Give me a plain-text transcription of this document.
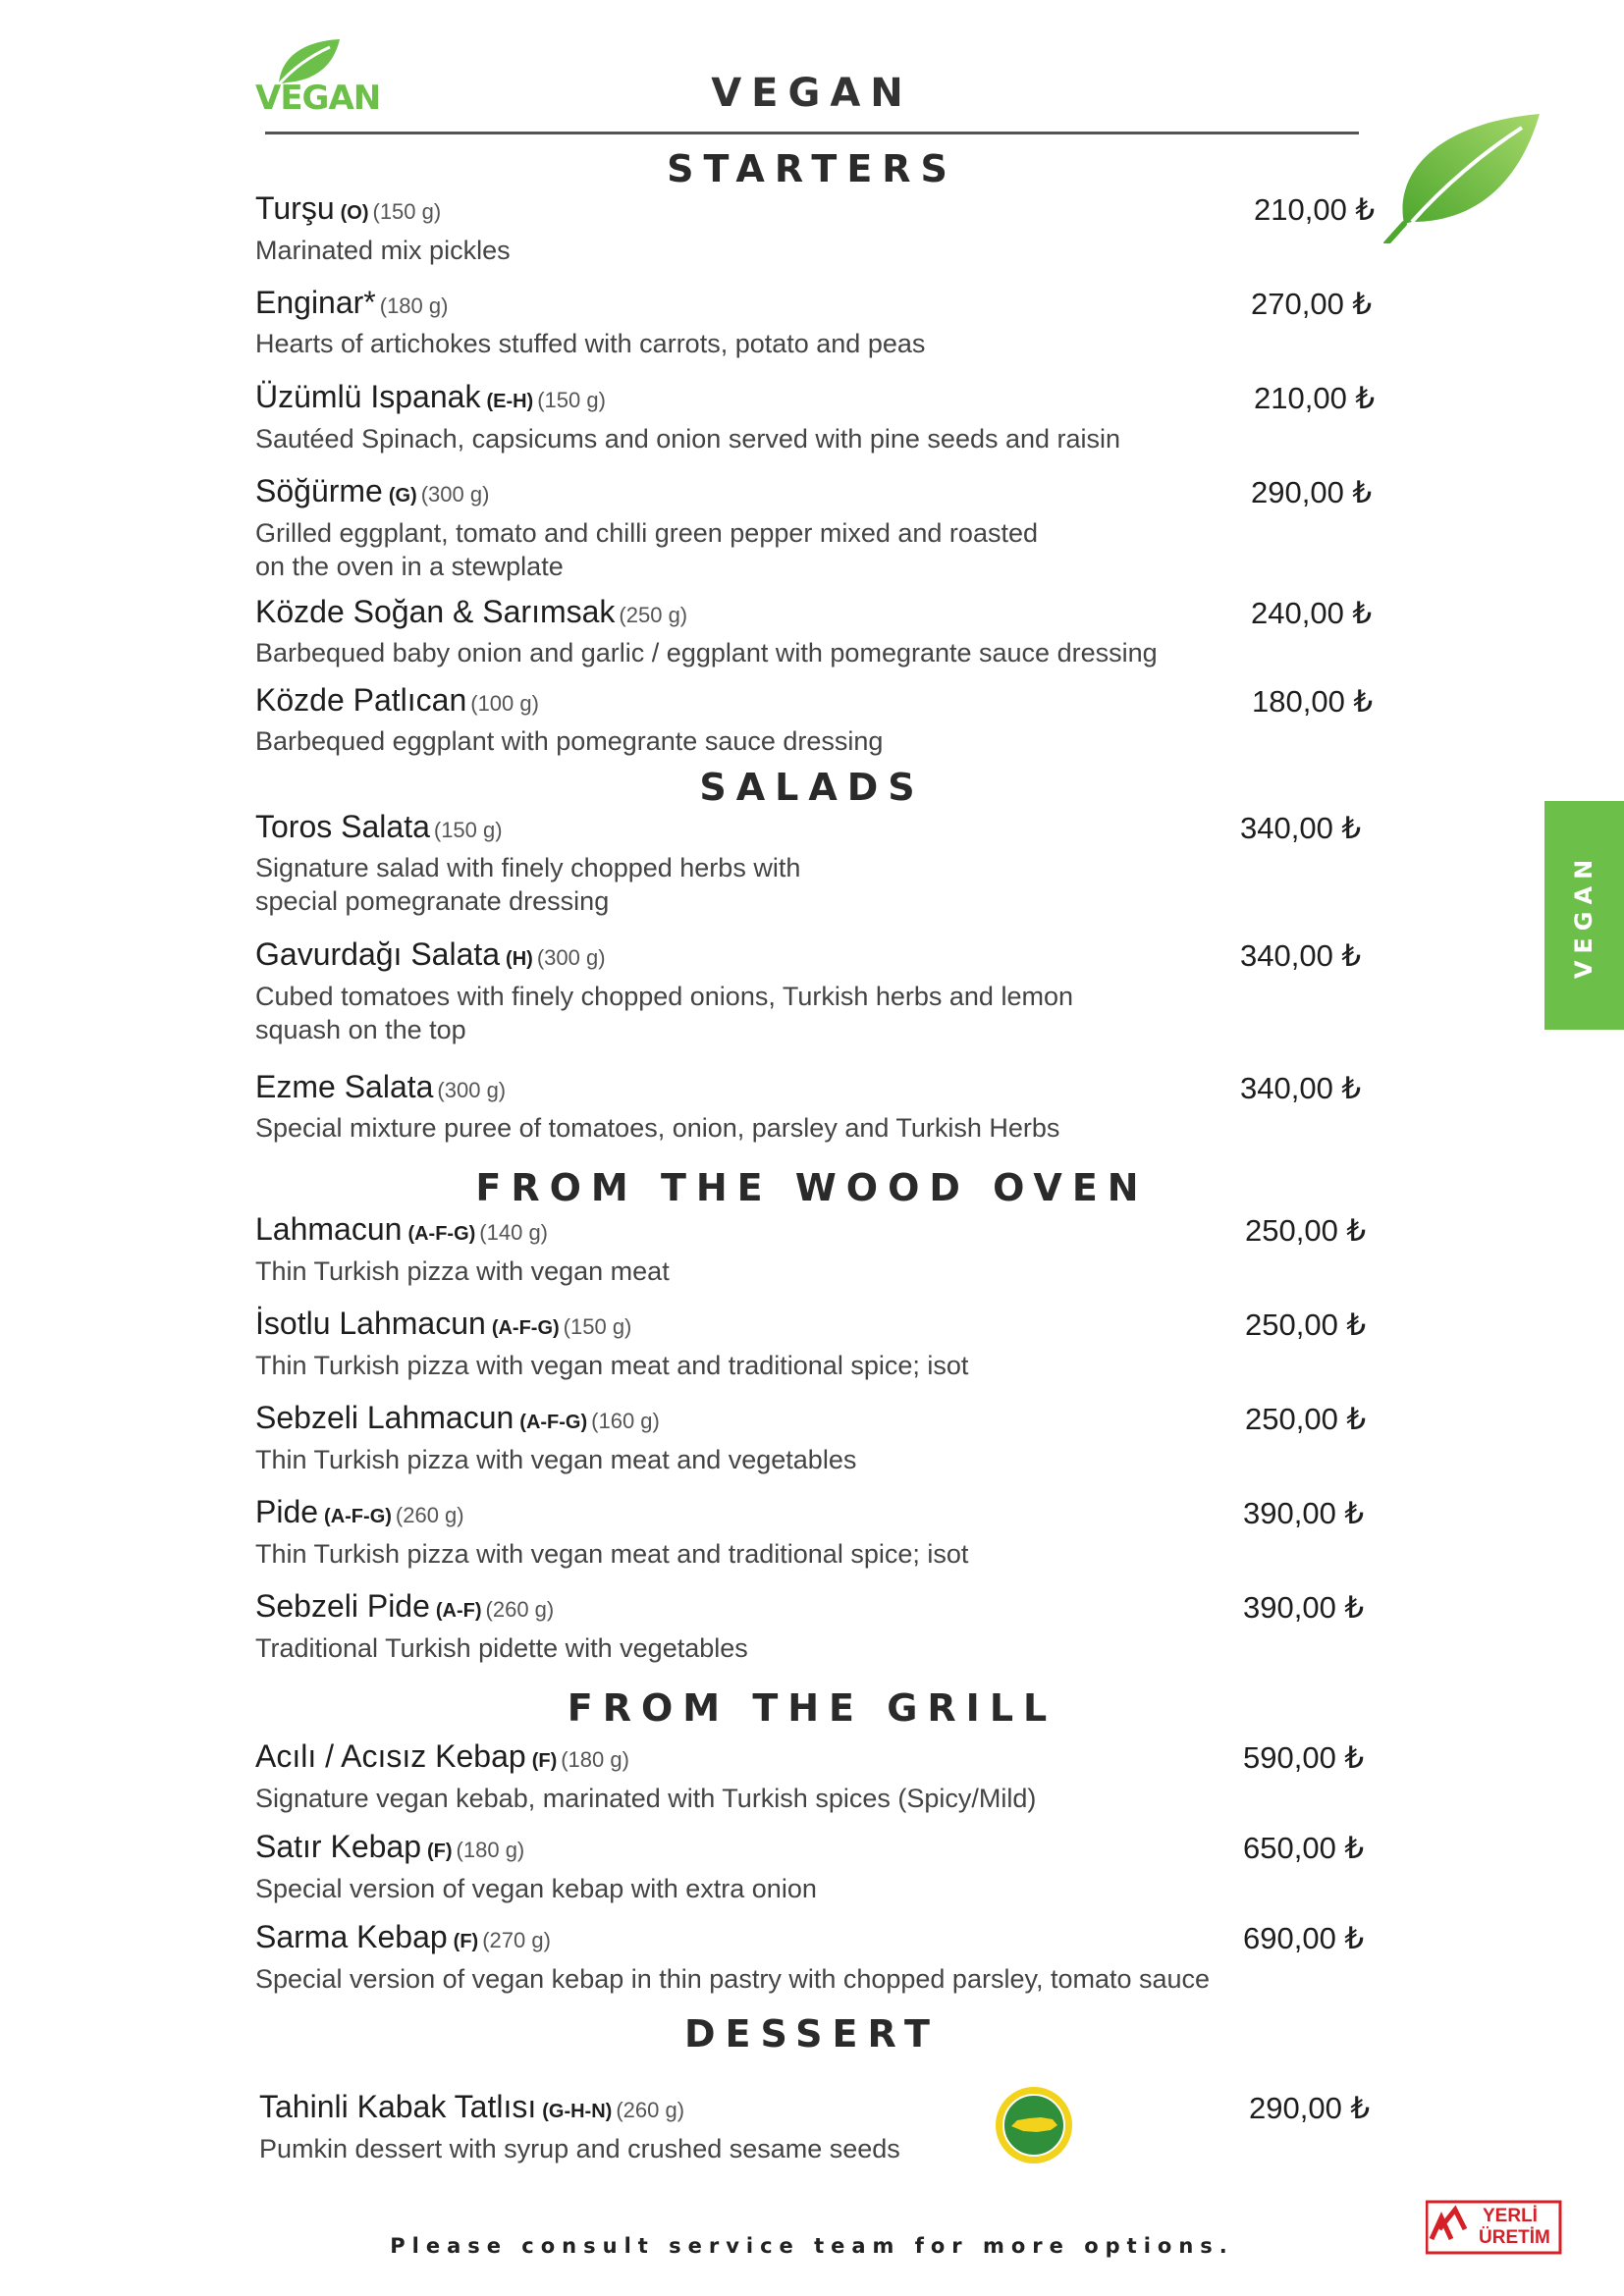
VEGAN	VEGAN
VEGAN
STARTERS
Turşu (O) (150 g)
Marinated mix pickles
210,00 ₺
Enginar* (180 g)
Hearts of artichokes stuffed with carrots, potato and peas
270,00 ₺
Üzümlü Ispanak (E-H) (150 g)
Sautéed Spinach, capsicums and onion served with pine seeds and raisin
210,00 ₺
Söğürme (G) (300 g)
Grilled eggplant, tomato and chilli green pepper mixed and roasted
on the oven in a stewplate
290,00 ₺
Közde Soğan & Sarımsak (250 g)
Barbequed baby onion and garlic / eggplant with pomegrante sauce dressing
240,00 ₺
Közde Patlıcan (100 g)
Barbequed eggplant with pomegrante sauce dressing
180,00 ₺
SALADS
Toros Salata (150 g)
Signature salad with finely chopped herbs with
special pomegranate dressing
340,00 ₺
Gavurdağı Salata (H) (300 g)
Cubed tomatoes with finely chopped onions, Turkish herbs and lemon
squash on the top
340,00 ₺
Ezme Salata (300 g)
Special mixture puree of tomatoes, onion, parsley and Turkish Herbs
340,00 ₺
FROM THE WOOD OVEN
Lahmacun (A-F-G) (140 g)
Thin Turkish pizza with vegan meat
250,00 ₺
İsotlu Lahmacun (A-F-G) (150 g)
Thin Turkish pizza with vegan meat and traditional spice; isot
250,00 ₺
Sebzeli Lahmacun (A-F-G) (160 g)
Thin Turkish pizza with vegan meat and vegetables
250,00 ₺
Pide (A-F-G) (260 g)
Thin Turkish pizza with vegan meat and traditional spice; isot
390,00 ₺
Sebzeli Pide (A-F) (260 g)
Traditional Turkish pidette with vegetables
390,00 ₺
FROM THE GRILL
Acılı / Acısız Kebap (F) (180 g)
Signature vegan kebab, marinated with Turkish spices (Spicy/Mild)
590,00 ₺
Satır Kebap (F) (180 g)
Special version of vegan kebap with extra onion
650,00 ₺
Sarma Kebap (F) (270 g)
Special version of vegan kebap in thin pastry with chopped parsley, tomato sauce
690,00 ₺
DESSERT
Tahinli Kabak Tatlısı (G-H-N) (260 g)
Pumkin dessert with syrup and crushed sesame seeds
290,00 ₺
YERLİ
ÜRETİM
Please consult service team for more options.
